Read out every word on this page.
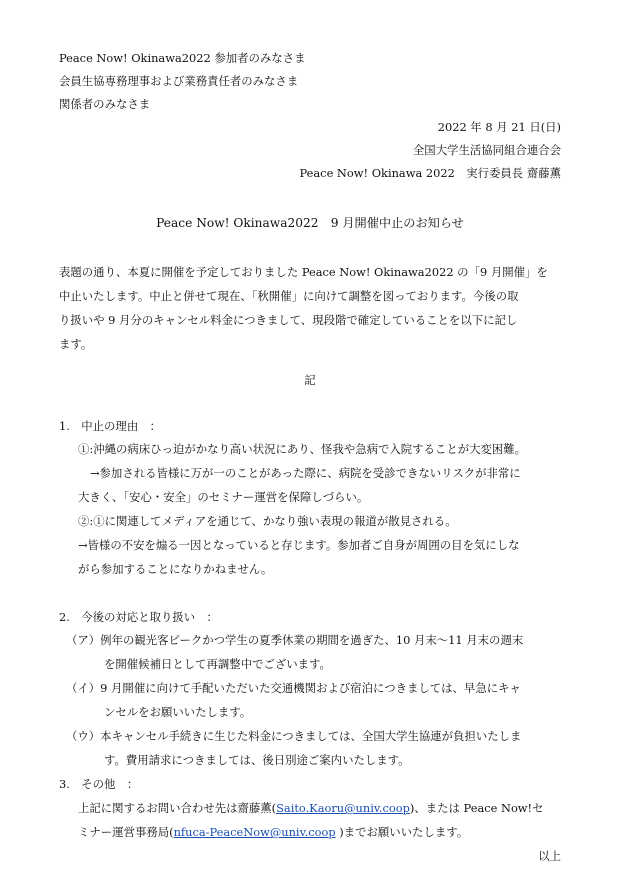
Peace Now! Okinawa2022 参加者のみなさま
会員生協専務理事および業務責任者のみなさま
関係者のみなさま
2022 年 8 月 21 日(日)
全国大学生活協同組合連合会
Peace Now! Okinawa 2022　実行委員長 齋藤薫
Peace Now! Okinawa2022　9 月開催中止のお知らせ
表題の通り、本夏に開催を予定しておりました Peace Now! Okinawa2022 の「9 月開催」を
中止いたします。中止と併せて現在、「秋開催」に向けて調整を図っております。今後の取
り扱いや 9 月分のキャンセル料金につきまして、現段階で確定していることを以下に記し
ます。
記
1.　中止の理由　：
①:沖縄の病床ひっ迫がかなり高い状況にあり、怪我や急病で入院することが大変困難。
→参加される皆様に万が一のことがあった際に、病院を受診できないリスクが非常に
大きく、「安心・安全」のセミナー運営を保障しづらい。
②:①に関連してメディアを通じて、かなり強い表現の報道が散見される。
→皆様の不安を煽る一因となっていると存じます。参加者ご自身が周囲の目を気にしな
がら参加することになりかねません。
2.　今後の対応と取り扱い　：
（ア）例年の観光客ピークかつ学生の夏季休業の期間を過ぎた、10 月末〜11 月末の週末
を開催候補日として再調整中でございます。
（イ）9 月開催に向けて手配いただいた交通機関および宿泊につきましては、早急にキャ
ンセルをお願いいたします。
（ウ）本キャンセル手続きに生じた料金につきましては、全国大学生協連が負担いたしま
す。費用請求につきましては、後日別途ご案内いたします。
3.　その他　：
上記に関するお問い合わせ先は齋藤薫(Saito.Kaoru@univ.coop)、または Peace Now!セ
ミナー運営事務局(nfuca-PeaceNow@univ.coop )までお願いいたします。
以上
